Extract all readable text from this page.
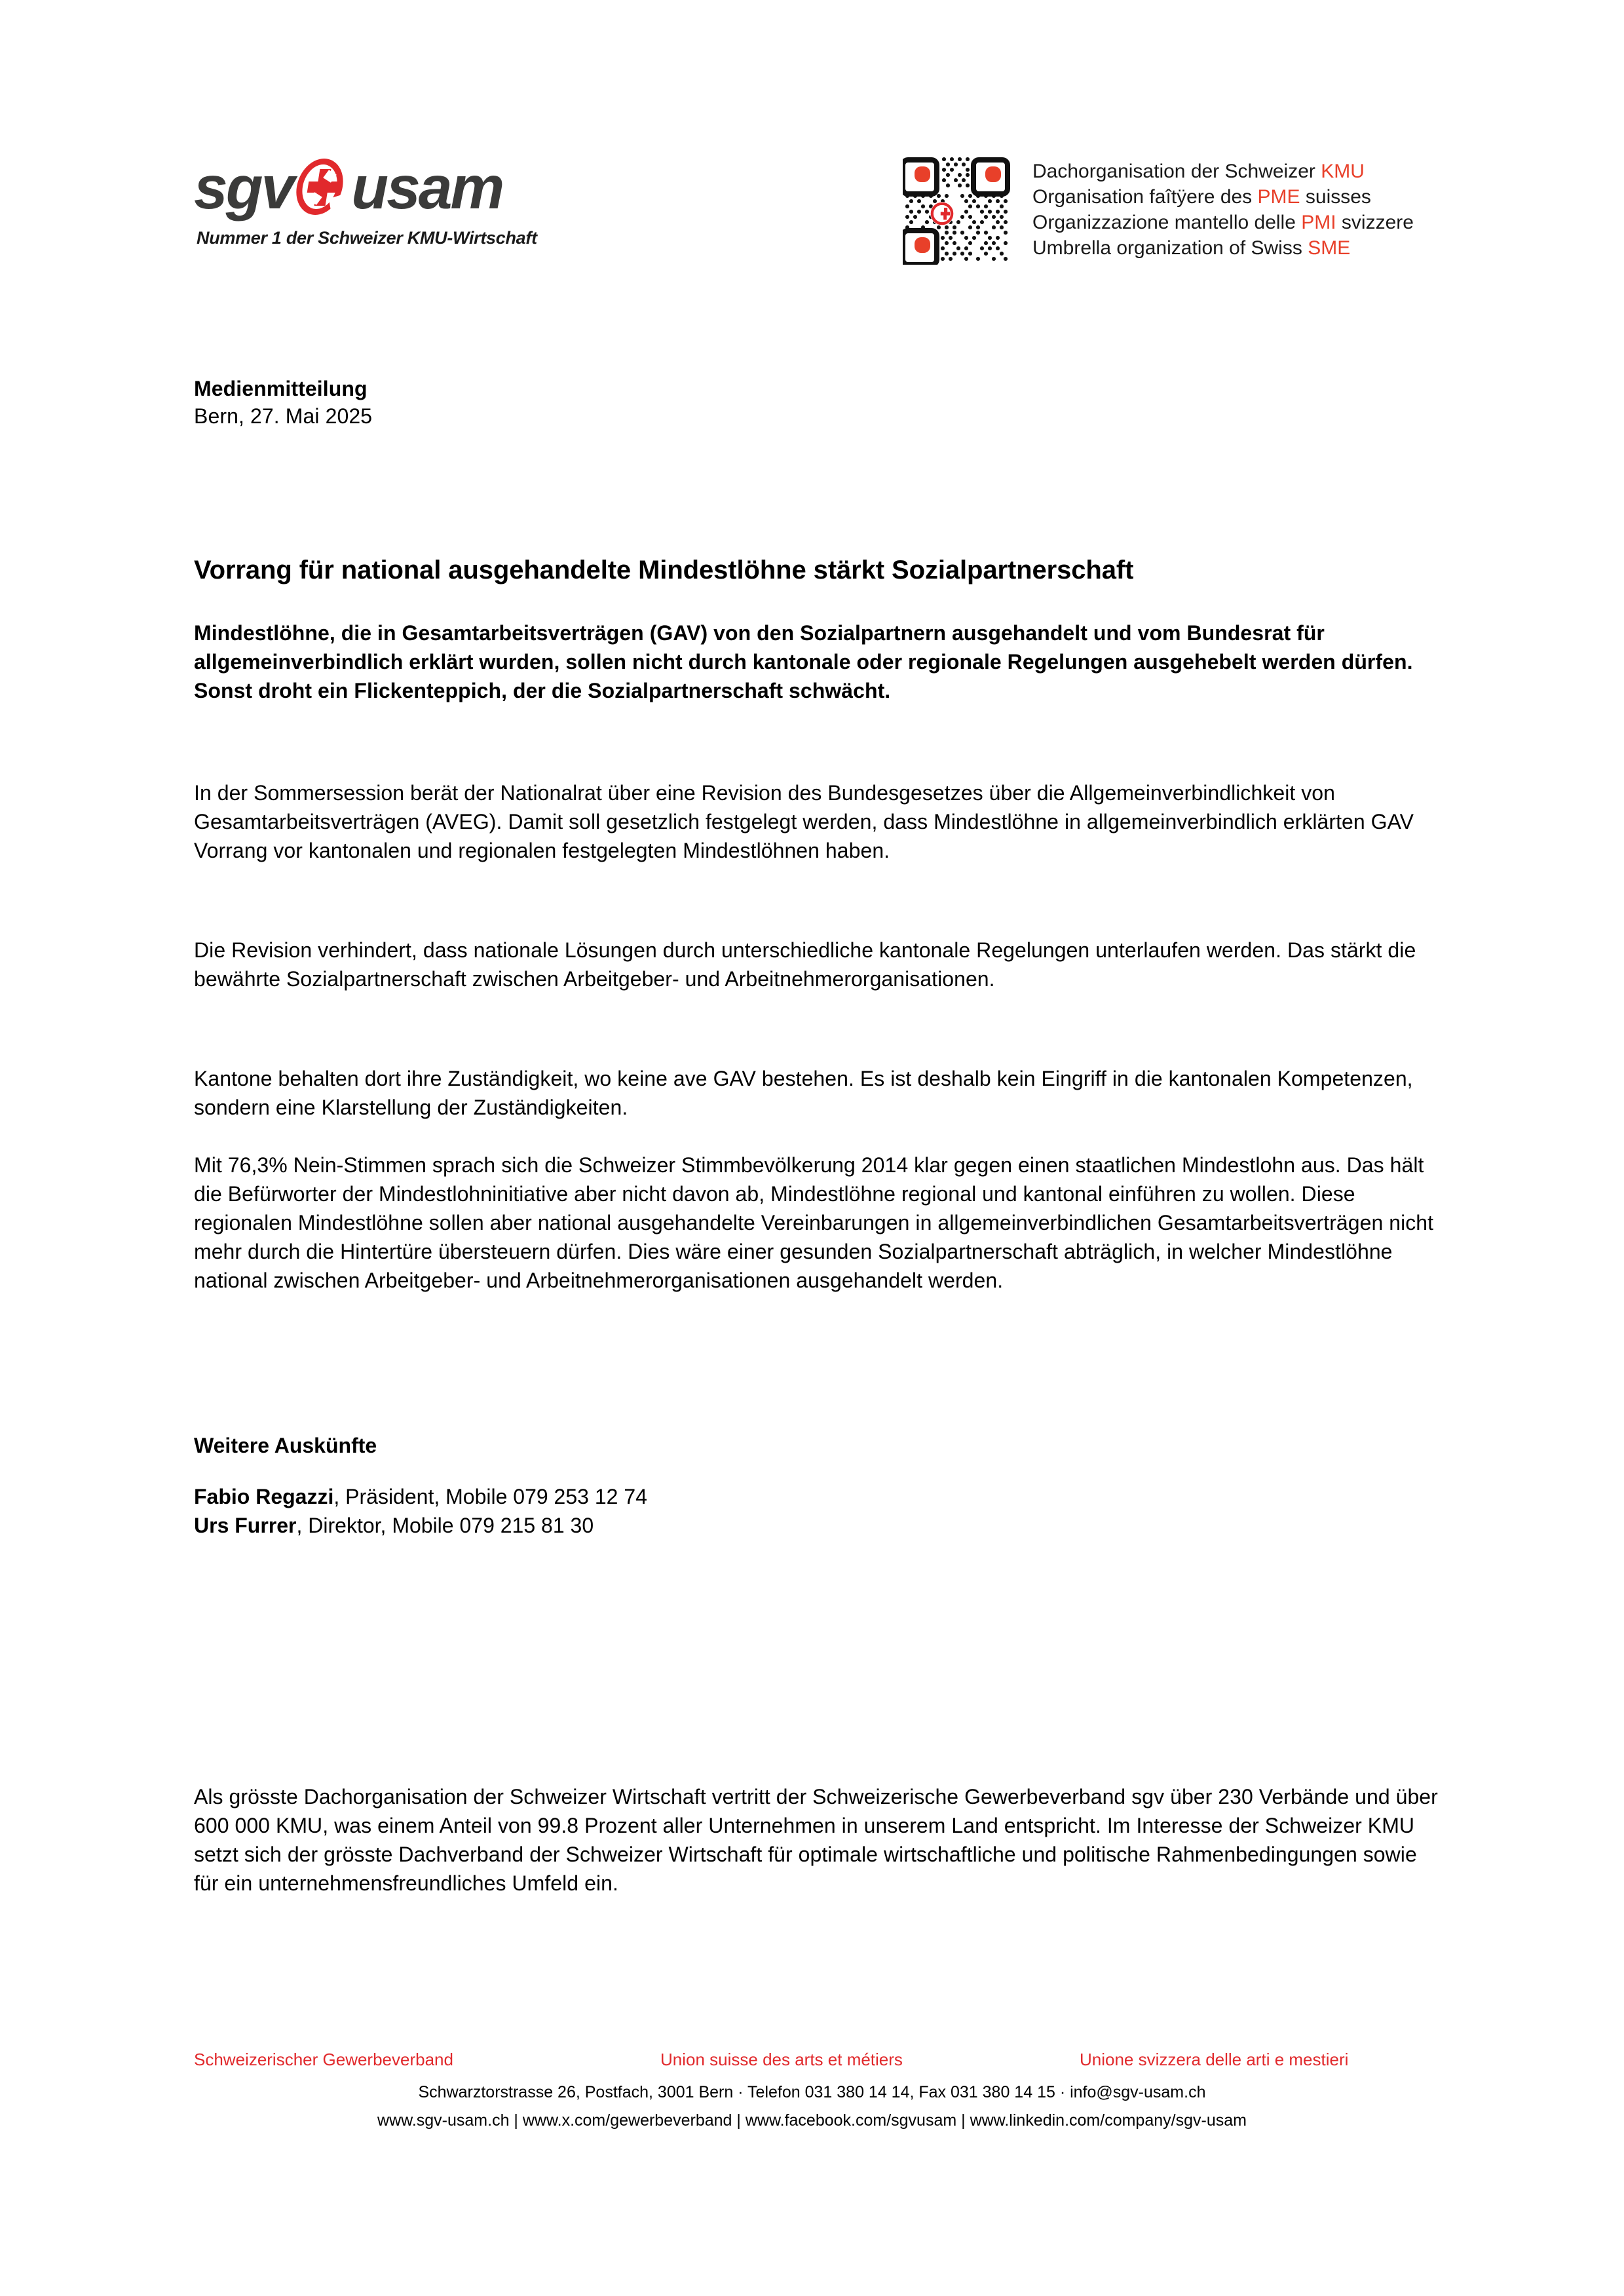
sgv usam
Nummer 1 der Schweizer KMU-Wirtschaft
Dachorganisation der Schweizer KMU
Organisation faîtÿere des PME suisses
Organizzazione mantello delle PMI svizzere
Umbrella organization of Swiss SME
Medienmitteilung
Bern, 27. Mai 2025
Vorrang für national ausgehandelte Mindestlöhne stärkt Sozialpartnerschaft

Mindestlöhne, die in Gesamtarbeitsverträgen (GAV) von den Sozialpartnern ausgehandelt und vom Bundesrat für allgemeinverbindlich erklärt wurden, sollen nicht durch kantonale oder regionale Regelungen ausgehebelt werden dürfen. Sonst droht ein Flickenteppich, der die Sozialpartnerschaft schwächt.

In der Sommersession berät der Nationalrat über eine Revision des Bundesgesetzes über die Allgemeinverbindlichkeit von Gesamtarbeitsverträgen (AVEG). Damit soll gesetzlich festgelegt werden, dass Mindestlöhne in allgemeinverbindlich erklärten GAV Vorrang vor kantonalen und regionalen festgelegten Mindestlöhnen haben.

Die Revision verhindert, dass nationale Lösungen durch unterschiedliche kantonale Regelungen unterlaufen werden. Das stärkt die bewährte Sozialpartnerschaft zwischen Arbeitgeber- und Arbeitnehmerorganisationen.

Kantone behalten dort ihre Zuständigkeit, wo keine ave GAV bestehen. Es ist deshalb kein Eingriff in die kantonalen Kompetenzen, sondern eine Klarstellung der Zuständigkeiten.

Mit 76,3% Nein-Stimmen sprach sich die Schweizer Stimmbevölkerung 2014 klar gegen einen staatlichen Mindestlohn aus. Das hält die Befürworter der Mindestlohninitiative aber nicht davon ab, Mindestlöhne regional und kantonal einführen zu wollen. Diese regionalen Mindestlöhne sollen aber national ausgehandelte Vereinbarungen in allgemeinverbindlichen Gesamtarbeitsverträgen nicht mehr durch die Hintertüre übersteuern dürfen. Dies wäre einer gesunden Sozialpartnerschaft abträglich, in welcher Mindestlöhne national zwischen Arbeitgeber- und Arbeitnehmerorganisationen ausgehandelt werden.

Weitere Auskünfte
Fabio Regazzi, Präsident, Mobile 079 253 12 74
Urs Furrer, Direktor, Mobile 079 215 81 30

Als grösste Dachorganisation der Schweizer Wirtschaft vertritt der Schweizerische Gewerbeverband sgv über 230 Verbände und über 600 000 KMU, was einem Anteil von 99.8 Prozent aller Unternehmen in unserem Land entspricht. Im Interesse der Schweizer KMU setzt sich der grösste Dachverband der Schweizer Wirtschaft für optimale wirtschaftliche und politische Rahmenbedingungen sowie für ein unternehmensfreundliches Umfeld ein.

Schweizerischer Gewerbeverband	Union suisse des arts et métiers	Unione svizzera delle arti e mestieri
Schwarztorstrasse 26, Postfach, 3001 Bern · Telefon 031 380 14 14, Fax 031 380 14 15 · info@sgv-usam.ch
www.sgv-usam.ch | www.x.com/gewerbeverband | www.facebook.com/sgvusam | www.linkedin.com/company/sgv-usam
